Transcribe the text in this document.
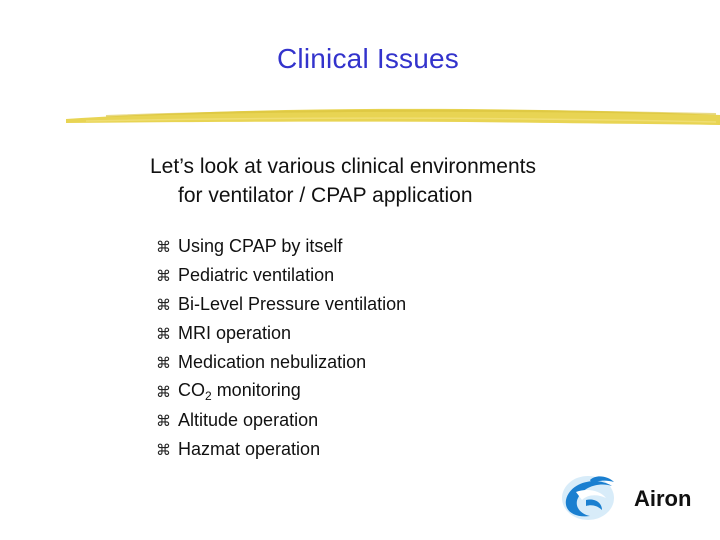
Clinical Issues
Let’s look at various clinical environments
for ventilator / CPAP application
⌘ Using CPAP by itself
⌘ Pediatric ventilation
⌘ Bi-Level Pressure ventilation
⌘ MRI operation
⌘ Medication nebulization
⌘ $CO_2$ monitoring
⌘ Altitude operation
⌘ Hazmat operation
Airon
